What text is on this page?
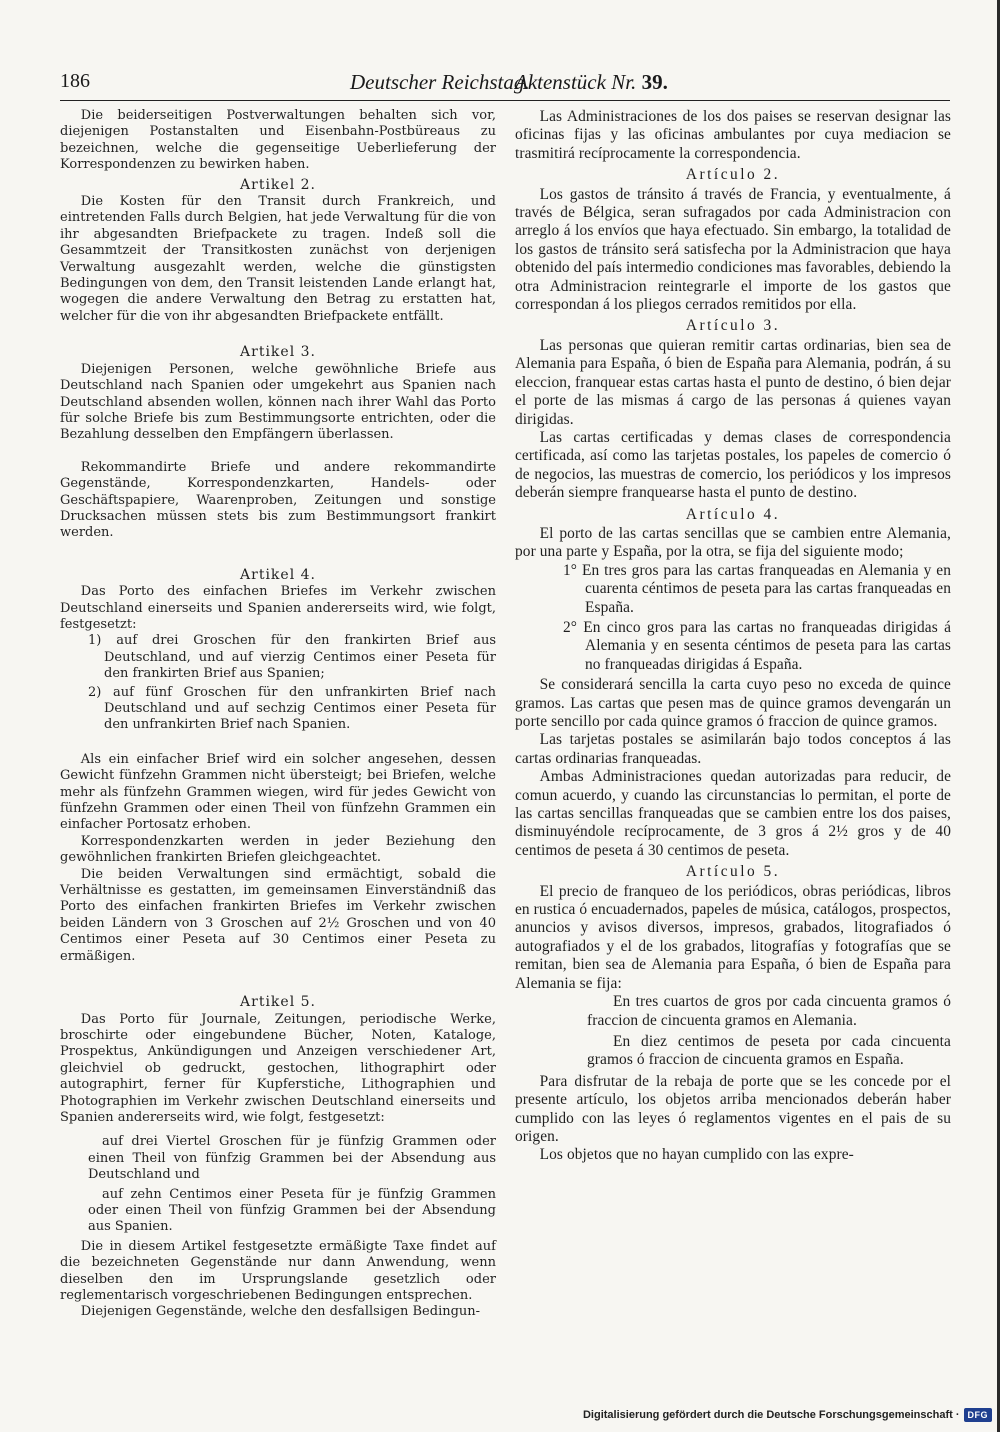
186	Deutscher Reichstag.
Aktenstück Nr. 39.

Die beiderseitigen Postverwaltungen behalten sich vor, diejenigen Postanstalten und Eisenbahn-Postbüreaus zu bezeichnen, welche die gegenseitige Ueberlieferung der Korrespondenzen zu bewirken haben.

Artikel 2.

Die Kosten für den Transit durch Frankreich, und eintretenden Falls durch Belgien, hat jede Verwaltung für die von ihr abgesandten Briefpackete zu tragen. Indeß soll die Gesammtzeit der Transitkosten zunächst von derjenigen Verwaltung ausgezahlt werden, welche die günstigsten Bedingungen von dem, den Transit leistenden Lande erlangt hat, wogegen die andere Verwaltung den Betrag zu erstatten hat, welcher für die von ihr abgesandten Briefpackete entfällt.

Artikel 3.

Diejenigen Personen, welche gewöhnliche Briefe aus Deutschland nach Spanien oder umgekehrt aus Spanien nach Deutschland absenden wollen, können nach ihrer Wahl das Porto für solche Briefe bis zum Bestimmungsorte entrichten, oder die Bezahlung desselben den Empfängern überlassen.

Rekommandirte Briefe und andere rekommandirte Gegenstände, Korrespondenzkarten, Handels- oder Geschäftspapiere, Waarenproben, Zeitungen und sonstige Drucksachen müssen stets bis zum Bestimmungsort frankirt werden.

Artikel 4.

Das Porto des einfachen Briefes im Verkehr zwischen Deutschland einerseits und Spanien andererseits wird, wie folgt, festgesetzt:

1) auf drei Groschen für den frankirten Brief aus Deutschland, und auf vierzig Centimos einer Peseta für den frankirten Brief aus Spanien;

2) auf fünf Groschen für den unfrankirten Brief nach Deutschland und auf sechzig Centimos einer Peseta für den unfrankirten Brief nach Spanien.

Als ein einfacher Brief wird ein solcher angesehen, dessen Gewicht fünfzehn Grammen nicht übersteigt; bei Briefen, welche mehr als fünfzehn Grammen wiegen, wird für jedes Gewicht von fünfzehn Grammen oder einen Theil von fünfzehn Grammen ein einfacher Portosatz erhoben.

Korrespondenzkarten werden in jeder Beziehung den gewöhnlichen frankirten Briefen gleichgeachtet.

Die beiden Verwaltungen sind ermächtigt, sobald die Verhältnisse es gestatten, im gemeinsamen Einverständniß das Porto des einfachen frankirten Briefes im Verkehr zwischen beiden Ländern von 3 Groschen auf 2½ Groschen und von 40 Centimos einer Peseta auf 30 Centimos einer Peseta zu ermäßigen.

Artikel 5.

Das Porto für Journale, Zeitungen, periodische Werke, broschirte oder eingebundene Bücher, Noten, Kataloge, Prospektus, Ankündigungen und Anzeigen verschiedener Art, gleichviel ob gedruckt, gestochen, lithographirt oder autographirt, ferner für Kupferstiche, Lithographien und Photographien im Verkehr zwischen Deutschland einerseits und Spanien andererseits wird, wie folgt, festgesetzt:

auf drei Viertel Groschen für je fünfzig Grammen oder einen Theil von fünfzig Grammen bei der Absendung aus Deutschland und

auf zehn Centimos einer Peseta für je fünfzig Grammen oder einen Theil von fünfzig Grammen bei der Absendung aus Spanien.

Die in diesem Artikel festgesetzte ermäßigte Taxe findet auf die bezeichneten Gegenstände nur dann Anwendung, wenn dieselben den im Ursprungslande gesetzlich oder reglementarisch vorgeschriebenen Bedingungen entsprechen.

Diejenigen Gegenstände, welche den desfallsigen Bedingun-

Las Administraciones de los dos paises se reservan designar las oficinas fijas y las oficinas ambulantes por cuya mediacion se trasmitirá recíprocamente la correspondencia.

Artículo 2.

Los gastos de tránsito á través de Francia, y eventualmente, á través de Bélgica, seran sufragados por cada Administracion con arreglo á los envíos que haya efectuado. Sin embargo, la totalidad de los gastos de tránsito será satisfecha por la Administracion que haya obtenido del país intermedio condiciones mas favorables, debiendo la otra Administracion reintegrarle el importe de los gastos que correspondan á los pliegos cerrados remitidos por ella.

Artículo 3.

Las personas que quieran remitir cartas ordinarias, bien sea de Alemania para España, ó bien de España para Alemania, podrán, á su eleccion, franquear estas cartas hasta el punto de destino, ó bien dejar el porte de las mismas á cargo de las personas á quienes vayan dirigidas.

Las cartas certificadas y demas clases de correspondencia certificada, así como las tarjetas postales, los papeles de comercio ó de negocios, las muestras de comercio, los periódicos y los impresos deberán siempre franquearse hasta el punto de destino.

Artículo 4.

El porto de las cartas sencillas que se cambien entre Alemania, por una parte y España, por la otra, se fija del siguiente modo;

1° En tres gros para las cartas franqueadas en Alemania y en cuarenta céntimos de peseta para las cartas franqueadas en España.

2° En cinco gros para las cartas no franqueadas dirigidas á Alemania y en sesenta céntimos de peseta para las cartas no franqueadas dirigidas á España.

Se considerará sencilla la carta cuyo peso no exceda de quince gramos. Las cartas que pesen mas de quince gramos devengarán un porte sencillo por cada quince gramos ó fraccion de quince gramos.

Las tarjetas postales se asimilarán bajo todos conceptos á las cartas ordinarias franqueadas.

Ambas Administraciones quedan autorizadas para reducir, de comun acuerdo, y cuando las circunstancias lo permitan, el porte de las cartas sencillas franqueadas que se cambien entre los dos paises, disminuyéndole recíprocamente, de 3 gros á 2½ gros y de 40 centimos de peseta á 30 centimos de peseta.

Artículo 5.

El precio de franqueo de los periódicos, obras periódicas, libros en rustica ó encuadernados, papeles de música, catálogos, prospectos, anuncios y avisos diversos, impresos, grabados, litografiados ó autografiados y el de los grabados, litografías y fotografías que se remitan, bien sea de Alemania para España, ó bien de España para Alemania se fija:

En tres cuartos de gros por cada cincuenta gramos ó fraccion de cincuenta gramos en Alemania.

En diez centimos de peseta por cada cincuenta gramos ó fraccion de cincuenta gramos en España.

Para disfrutar de la rebaja de porte que se les concede por el presente artículo, los objetos arriba mencionados deberán haber cumplido con las leyes ó reglamentos vigentes en el pais de su origen.

Los objetos que no hayan cumplido con las expre-

Digitalisierung gefördert durch die Deutsche Forschungsgemeinschaft · DFG
